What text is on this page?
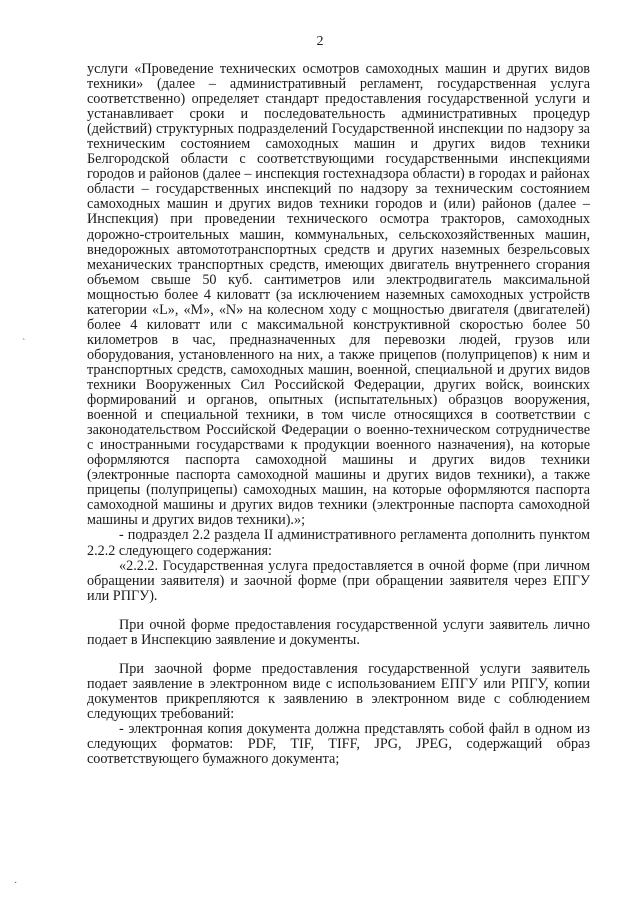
2

услуги «Проведение технических осмотров самоходных машин и других видов техники» (далее – административный регламент, государственная услуга соответственно) определяет стандарт предоставления государственной услуги и устанавливает сроки и последовательность административных процедур (действий) структурных подразделений Государственной инспекции по надзору за техническим состоянием самоходных машин и других видов техники Белгородской области с соответствующими государственными инспекциями городов и районов (далее – инспекция гостехнадзора области) в городах и районах области – государственных инспекций по надзору за техническим состоянием самоходных машин и других видов техники городов и (или) районов (далее – Инспекция) при проведении технического осмотра тракторов, самоходных дорожно-строительных машин, коммунальных, сельскохозяйственных машин, внедорожных автомототранспортных средств и других наземных безрельсовых механических транспортных средств, имеющих двигатель внутреннего сгорания объемом свыше 50 куб. сантиметров или электродвигатель максимальной мощностью более 4 киловатт (за исключением наземных самоходных устройств категории «L», «M», «N» на колесном ходу с мощностью двигателя (двигателей) более 4 киловатт или с максимальной конструктивной скоростью более 50 километров в час, предназначенных для перевозки людей, грузов или оборудования, установленного на них, а также прицепов (полуприцепов) к ним и транспортных средств, самоходных машин, военной, специальной и других видов техники Вооруженных Сил Российской Федерации, других войск, воинских формирований и органов, опытных (испытательных) образцов вооружения, военной и специальной техники, в том числе относящихся в соответствии с законодательством Российской Федерации о военно-техническом сотрудничестве с иностранными государствами к продукции военного назначения), на которые оформляются паспорта самоходной машины и других видов техники (электронные паспорта самоходной машины и других видов техники), а также прицепы (полуприцепы) самоходных машин, на которые оформляются паспорта самоходной машины и других видов техники (электронные паспорта самоходной машины и других видов техники).»;

- подраздел 2.2 раздела II административного регламента дополнить пунктом 2.2.2 следующего содержания:

«2.2.2. Государственная услуга предоставляется в очной форме (при личном обращении заявителя) и заочной форме (при обращении заявителя через ЕПГУ или РПГУ).

При очной форме предоставления государственной услуги заявитель лично подает в Инспекцию заявление и документы.

При заочной форме предоставления государственной услуги заявитель подает заявление в электронном виде с использованием ЕПГУ или РПГУ, копии документов прикрепляются к заявлению в электронном виде с соблюдением следующих требований:

- электронная копия документа должна представлять собой файл в одном из следующих форматов: PDF, TIF, TIFF, JPG, JPEG, содержащий образ соответствующего бумажного документа;

ˋ
·
